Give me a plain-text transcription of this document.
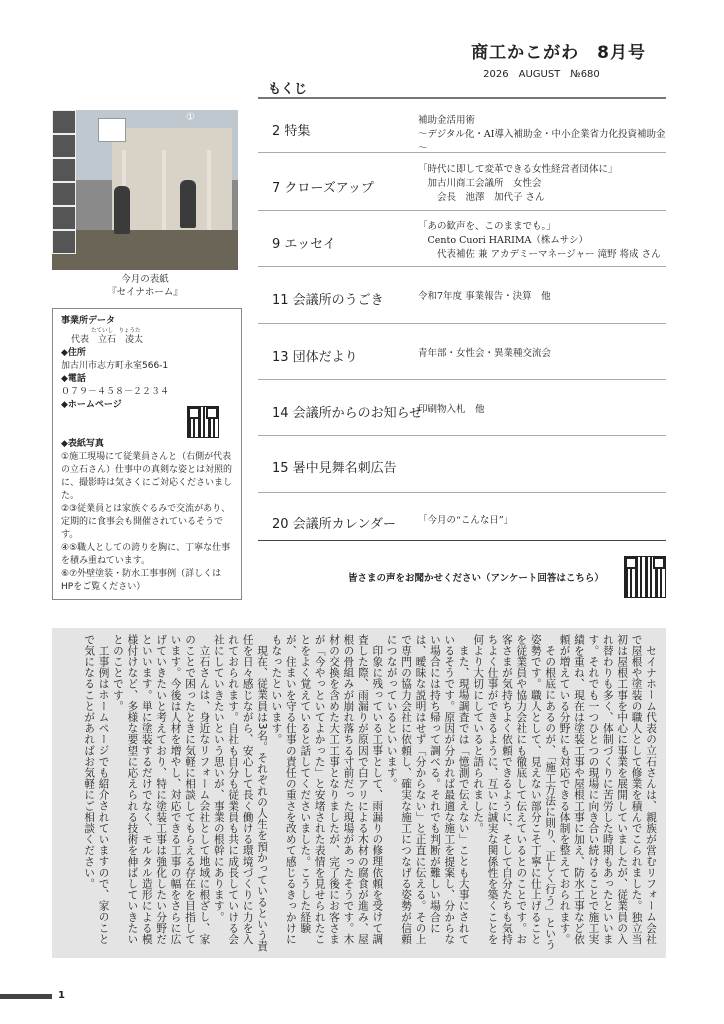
商工かこがわ　8月号
2026　AUGUST　№680
もくじ
2 特集
補助金活用術
～デジタル化・AI導入補助金・中小企業省力化投資補助金～
7 クローズアップ
「時代に即して変革できる女性経営者団体に」
　加古川商工会議所　女性会
　　会長　池澤　加代子 さん
9 エッセイ
「あの歓声を、このままでも。」
　Cento Cuori HARIMA（株ムサシ）
　　代表補佐 兼 アカデミーマネージャー 滝野 将成 さん
11 会議所のうごき	令和7年度 事業報告・決算　他
13 団体だより	青年部・女性会・異業種交流会
14 会議所からのお知らせ
印刷物入札　他
15 暑中見舞名刺広告
20 会議所カレンダー 「今月の“こんな日”」
①
今月の表紙
『セイナホーム』
事業所データ
たていし　りょうた
代表　 立石　凌太
◆住所
加古川市志方町永室566-1
◆電話
０７９－４５８－２２３４
◆ホームページ
◆表紙写真
①施工現場にて従業員さんと（右側が代表の立石さん）仕事中の真剣な姿とは対照的に、撮影時は気さくにご対応くださいました。
②③従業員とは家族ぐるみで交流があり、定期的に食事会も開催されているそうです。
④⑤職人としての誇りを胸に、丁寧な仕事を積み重ねています。
⑥⑦外壁塗装・防水工事事例（詳しくはHPをご覧ください）
皆さまの声をお聞かせください（アンケート回答はこちら）

セイナホーム代表の立石さんは、親族が営むリフォーム会社で屋根や塗装の職人として修業を積んでこられました。独立当初は屋根工事を中心に事業を展開していましたが、従業員の入れ替わりも多く、体制づくりに苦労した時期もあったといいます。それでも一つひとつの現場に向き合い続けることで施工実績を重ね、現在は塗装工事や屋根工事に加え、防水工事など依頼が増えている分野にも対応できる体制を整えておられます。

その根底にあるのが、「施工方法に則り、正しく行う」という姿勢です。職人として、見えない部分こそ丁寧に仕上げることを従業員や協力会社にも徹底して伝えているとのことです。お客さまが気持ちよく依頼できるように、そして自分たちも気持ちよく仕事ができるように、互いに誠実な関係性を築くことを何より大切にしていると語られました。

また、現場調査では「憶測で伝えない」ことも大事にされているそうです。原因が分かれば最適な施工を提案し、分からない場合には持ち帰って調べる。それでも判断が難しい場合には、曖昧な説明はせず「分からない」と正直に伝える。その上で専門の協力会社に依頼し、確実な施工につなげる姿勢が信頼につながっているといいます。

印象に残っている工事として、雨漏りの修理依頼を受けて調査した際、雨漏りが原因で白アリによる木材の腐食が進み、屋根の骨組みが崩れ落ちる寸前だった現場があったそうです。木材の交換を含めた大工工事となりましたが、完了後にお客さまが「今やっといてよかった」と安堵された表情を見せられたことをよく覚えていると話してくださいました。こうした経験が、住まいを守る仕事の責任の重さを改めて感じるきっかけにもなったといいます。

現在、従業員は3名。それぞれの人生を預かっているという責任を日々感じながら、安心して長く働ける環境づくりに力を入れておられます。自社も自分も従業員も共に成長していける会社にしていきたいという思いが、事業の根幹にあります。

立石さんは、身近なリフォーム会社として地域に根ざし、家のことで困ったときに気軽に相談してもらえる存在を目指しています。今後は人材を増やし、対応できる工事の幅をさらに広げていきたいと考えており、特に塗装工事は強化したい分野だといいます。単に塗装するだけでなく、モルタル造形による模様付けなど、多様な要望に応えられる技術を伸ばしていきたいとのことです。

工事例はホームページでも紹介されていますので、家のことで気になることがあればお気軽にご相談ください。

1
